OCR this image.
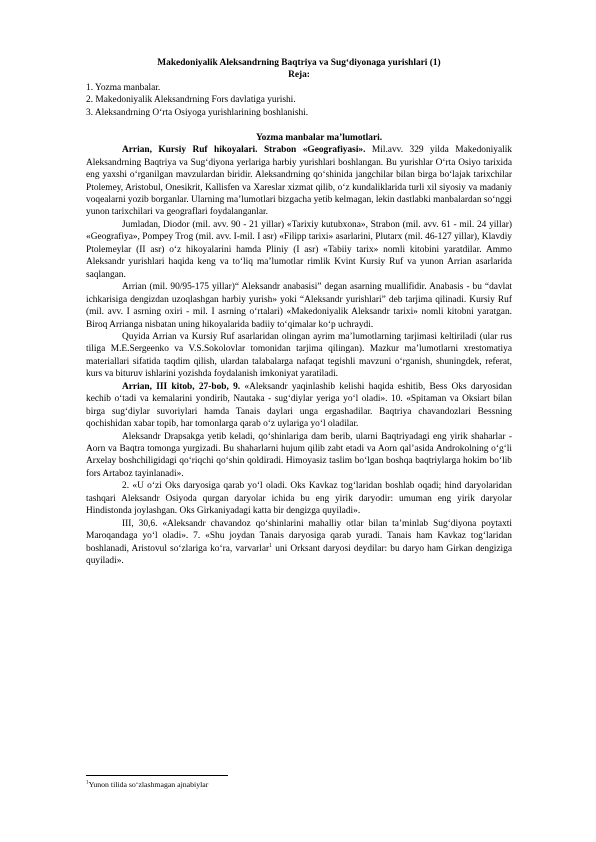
Makedoniyalik Aleksandrning Baqtriya va Sug‘diyonaga yurishlari (1)
Reja:
1. Yozma manbalar.
2. Makedoniyalik Aleksandrning Fors davlatiga yurishi.
3. Aleksandrning O‘rta Osiyoga yurishlarining boshlanishi.
Yozma manbalar ma’lumotlari.

Arrian, Kursiy Ruf hikoyalari. Strabon «Geografiyasi». Mil.avv. 329 yilda Makedoniyalik Aleksandrning Baqtriya va Sug‘diyona yerlariga harbiy yurishlari boshlangan. Bu yurishlar O‘rta Osiyo tarixida eng yaxshi o‘rganilgan mavzulardan biridir. Aleksandrning qo‘shinida jangchilar bilan birga bo‘lajak tarixchilar Ptolemey, Aristobul, Onesikrit, Kallisfen va Xareslar xizmat qilib, o‘z kundaliklarida turli xil siyosiy va madaniy voqealarni yozib borganlar. Ularning ma’lumotlari bizgacha yetib kelmagan, lekin dastlabki manbalardan so‘nggi yunon tarixchilari va geograflari foydalanganlar.

Jumladan, Diodor (mil. avv. 90 - 21 yillar) «Tarixiy kutubxona», Strabon (mil. avv. 61 - mil. 24 yillar) «Geografiya», Pompey Trog (mil. avv. I-mil. I asr) «Filipp tarixi» asarlarini, Plutarx (mil. 46-127 yillar), Klavdiy Ptolemeylar (II asr) o‘z hikoyalarini hamda Pliniy (I asr) «Tabiiy tarix» nomli kitobini yaratdilar. Ammo Aleksandr yurishlari haqida keng va to‘liq ma’lumotlar rimlik Kvint Kursiy Ruf va yunon Arrian asarlarida saqlangan.

Arrian (mil. 90/95-175 yillar)“ Aleksandr anabasisi” degan asarning muallifidir. Anabasis - bu “davlat ichkarisiga dengizdan uzoqlashgan harbiy yurish» yoki “Aleksandr yurishlari” deb tarjima qilinadi. Kursiy Ruf (mil. avv. I asrning oxiri - mil. I asrning o‘rtalari) «Makedoniyalik Aleksandr tarixi» nomli kitobni yaratgan. Biroq Arrianga nisbatan uning hikoyalarida badiiy to‘qimalar ko‘p uchraydi.

Quyida Arrian va Kursiy Ruf asarlaridan olingan ayrim ma’lumotlarning tarjimasi keltiriladi (ular rus tiliga M.E.Sergeenko va V.S.Sokolovlar tomonidan tarjima qilingan). Mazkur ma’lumotlarni xrestomatiya materiallari sifatida taqdim qilish, ulardan talabalarga nafaqat tegishli mavzuni o‘rganish, shuningdek, referat, kurs va bituruv ishlarini yozishda foydalanish imkoniyat yaratiladi.

Arrian, III kitob, 27-bob, 9. «Aleksandr yaqinlashib kelishi haqida eshitib, Bess Oks daryosidan kechib o‘tadi va kemalarini yondirib, Nautaka - sug‘diylar yeriga yo‘l oladi». 10. «Spitaman va Oksiart bilan birga sug‘diylar suvoriylari hamda Tanais daylari unga ergashadilar. Baqtriya chavandozlari Bessning qochishidan xabar topib, har tomonlarga qarab o‘z uylariga yo‘l oladilar.

Aleksandr Drapsakga yetib keladi, qo‘shinlariga dam berib, ularni Baqtriyadagi eng yirik shaharlar - Aorn va Baqtra tomonga yurgizadi. Bu shaharlarni hujum qilib zabt etadi va Aorn qal’asida Androkolning o‘g‘li Arxelay boshchiligidagi qo‘riqchi qo‘shin qoldiradi. Himoyasiz taslim bo‘lgan boshqa baqtriylarga hokim bo‘lib fors Artaboz tayinlanadi».

2. «U o‘zi Oks daryosiga qarab yo‘l oladi. Oks Kavkaz tog‘laridan boshlab oqadi; hind daryolaridan tashqari Aleksandr Osiyoda qurgan daryolar ichida bu eng yirik daryodir: umuman eng yirik daryolar Hindistonda joylashgan. Oks Girkaniyadagi katta bir dengizga quyiladi».

III, 30,6. «Aleksandr chavandoz qo‘shinlarini mahalliy otlar bilan ta’minlab Sug‘diyona poytaxti Maroqandaga yo‘l oladi». 7. «Shu joydan Tanais daryosiga qarab yuradi. Tanais ham Kavkaz tog‘laridan boshlanadi, Aristovul so‘zlariga ko‘ra, varvarlar$^1$ uni Orksant daryosi deydilar: bu daryo ham Girkan dengiziga quyiladi».

$^1$Yunon tilida so‘zlashmagan ajnabiylar
